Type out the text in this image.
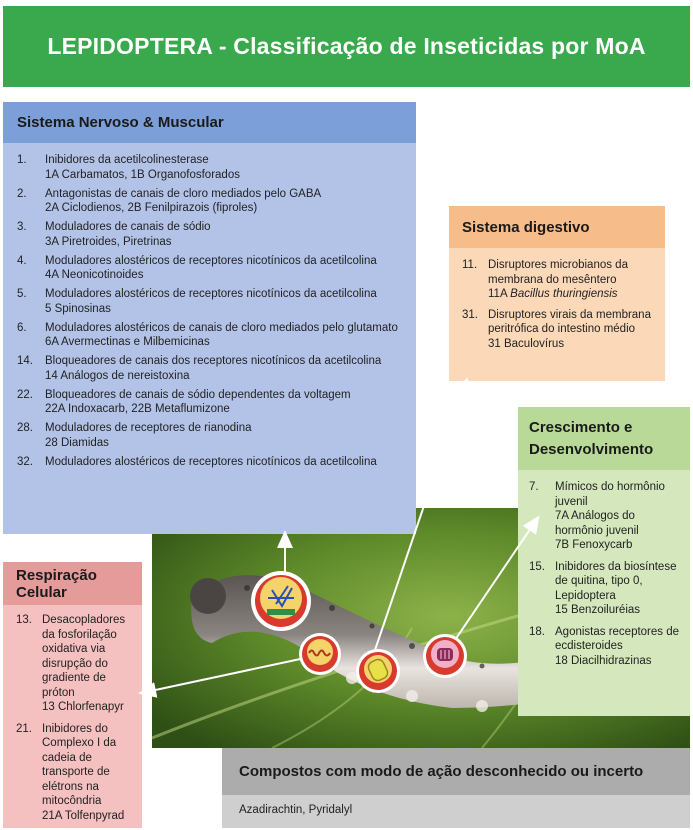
LEPIDOPTERA - Classificação de Inseticidas por MoA
Sistema Nervoso & Muscular
1.	Inibidores da acetilcolinesterase
1A Carbamatos, 1B Organofosforados
2.	Antagonistas de canais de cloro mediados pelo GABA
2A Ciclodienos, 2B Fenilpirazois (fiproles)
3.	Moduladores de canais de sódio
3A Piretroides, Piretrinas
4.	Moduladores alostéricos de receptores nicotínicos da acetilcolina
4A Neonicotinoides
5.	Moduladores alostéricos de receptores nicotínicos da acetilcolina
5 Spinosinas
6.	Moduladores alostéricos de canais de cloro mediados pelo glutamato
6A Avermectinas e Milbemicinas
14.	Bloqueadores de canais dos receptores nicotínicos da acetilcolina
14 Análogos de nereistoxina
22.	Bloqueadores de canais de sódio dependentes da voltagem
22A Indoxacarb, 22B Metaflumizone
28.	Moduladores de receptores de rianodina
28 Diamidas
32.	Moduladores alostéricos de receptores nicotínicos da acetilcolina
Sistema digestivo
11. Disruptores microbianos da membrana do mesêntero
11A Bacillus thuringiensis
31. Disruptores virais da membrana peritrófica do intestino médio
31 Baculovírus
Crescimento e
Desenvolvimento
7.	Mímicos do hormônio juvenil
7A Análogos do hormônio juvenil
7B Fenoxycarb
15. Inibidores da biosíntese de quitina, tipo 0, Lepidoptera
15 Benzoiluréias
18. Agonistas receptores de ecdisteroides
18 Diacilhidrazinas
Respiração Celular
13. Desacopladores da fosforilação oxidativa via disrupção do gradiente de próton
13 Chlorfenapyr
21. Inibidores do Complexo I da cadeia de transporte de elétrons na mitocôndria
21A Tolfenpyrad
Compostos com modo de ação desconhecido ou incerto
Azadirachtin, Pyridalyl
